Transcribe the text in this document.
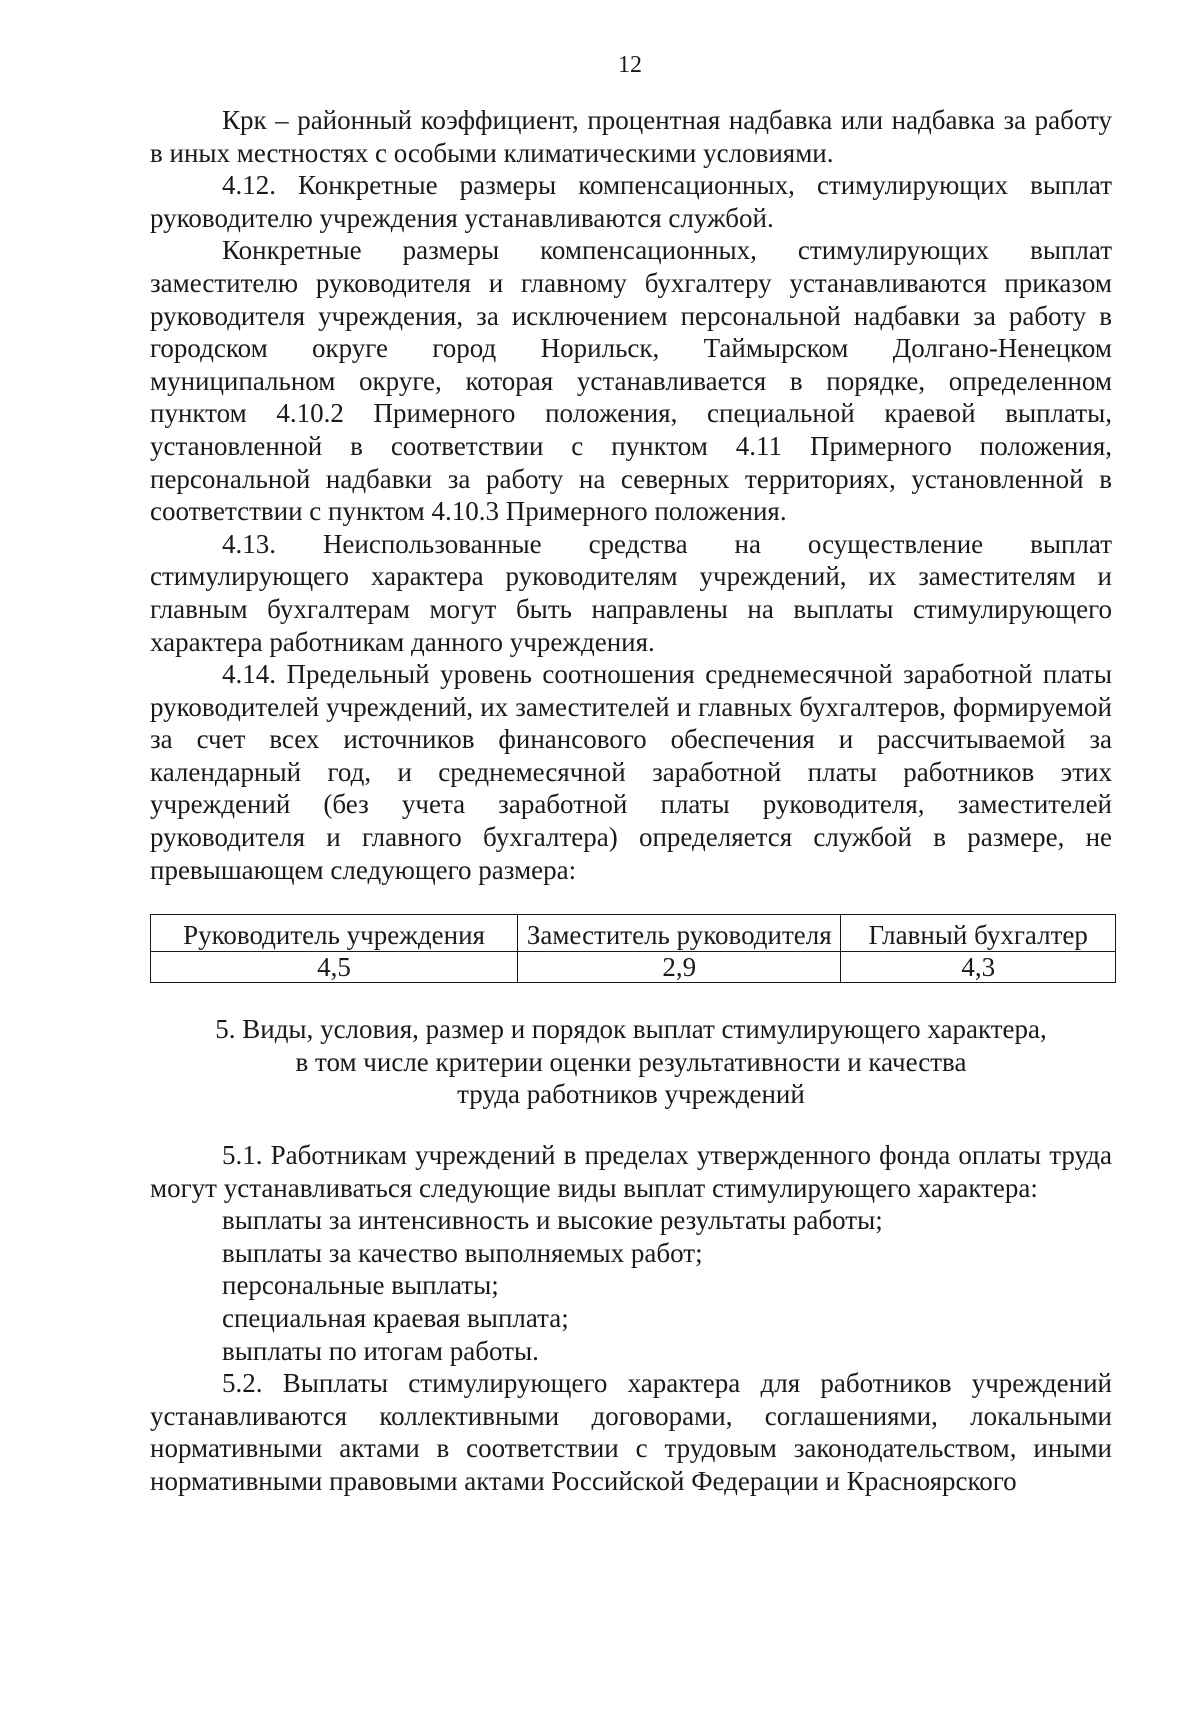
12

Крк – районный коэффициент, процентная надбавка или надбавка за работу в иных местностях с особыми климатическими условиями.

4.12. Конкретные размеры компенсационных, стимулирующих выплат руководителю учреждения устанавливаются службой.

Конкретные размеры компенсационных, стимулирующих выплат заместителю руководителя и главному бухгалтеру устанавливаются приказом руководителя учреждения, за исключением персональной надбавки за работу в городском округе город Норильск, Таймырском Долгано-Ненецком муниципальном округе, которая устанавливается в порядке, определенном пунктом 4.10.2 Примерного положения, специальной краевой выплаты, установленной в соответствии с пунктом 4.11 Примерного положения, персональной надбавки за работу на северных территориях, установленной в соответствии с пунктом 4.10.3 Примерного положения.

4.13. Неиспользованные средства на осуществление выплат стимулирующего характера руководителям учреждений, их заместителям и главным бухгалтерам могут быть направлены на выплаты стимулирующего характера работникам данного учреждения.

4.14. Предельный уровень соотношения среднемесячной заработной платы руководителей учреждений, их заместителей и главных бухгалтеров, формируемой за счет всех источников финансового обеспечения и рассчитываемой за календарный год, и среднемесячной заработной платы работников этих учреждений (без учета заработной платы руководителя, заместителей руководителя и главного бухгалтера) определяется службой в размере, не превышающем следующего размера:

Руководитель учреждения	Заместитель руководителя	Главный бухгалтер
4,5	2,9	4,3
5. Виды, условия, размер и порядок выплат стимулирующего характера,
в том числе критерии оценки результативности и качества
труда работников учреждений

5.1. Работникам учреждений в пределах утвержденного фонда оплаты труда могут устанавливаться следующие виды выплат стимулирующего характера:

выплаты за интенсивность и высокие результаты работы;

выплаты за качество выполняемых работ;

персональные выплаты;

специальная краевая выплата;

выплаты по итогам работы.

5.2. Выплаты стимулирующего характера для работников учреждений устанавливаются коллективными договорами, соглашениями, локальными нормативными актами в соответствии с трудовым законодательством, иными нормативными правовыми актами Российской Федерации и Красноярского
